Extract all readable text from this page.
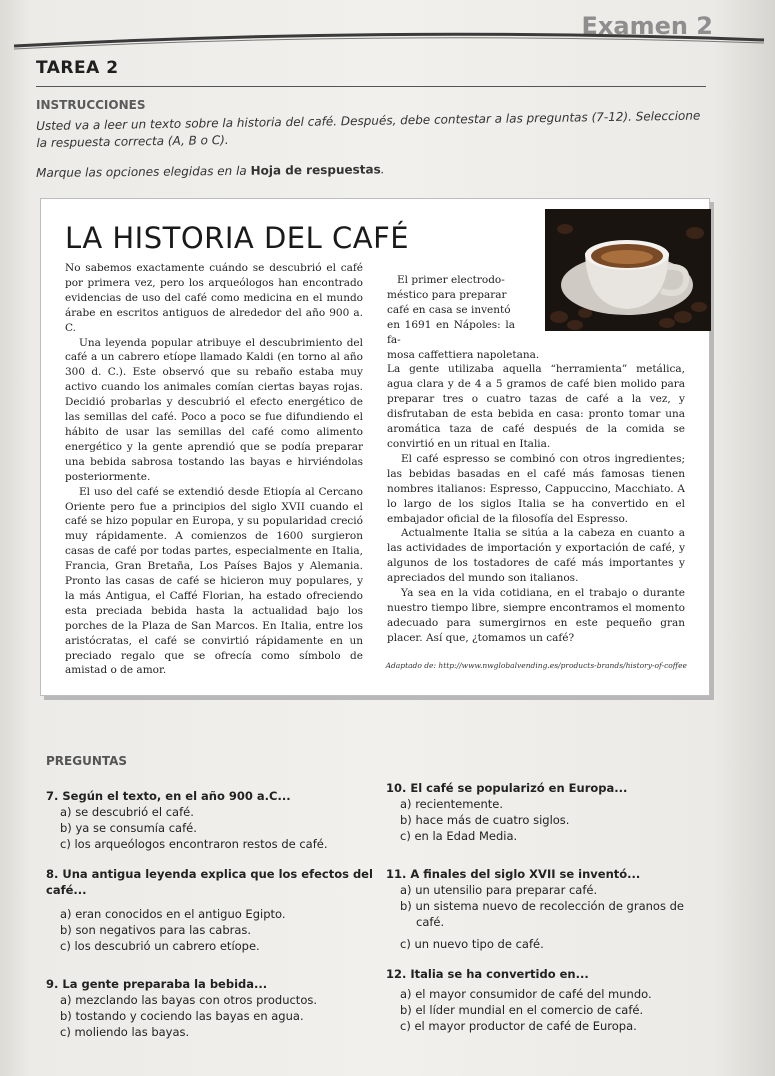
Examen 2
TAREA 2
INSTRUCCIONES
Usted va a leer un texto sobre la historia del café. Después, debe contestar a las preguntas (7-12). Seleccione la respuesta correcta (A, B o C).
Marque las opciones elegidas en la Hoja de respuestas.
LA HISTORIA DEL CAFÉ

No sabemos exactamente cuándo se descubrió el café por primera vez, pero los arqueólogos han encontrado evidencias de uso del café como medicina en el mundo árabe en escritos antiguos de alrededor del año 900 a. C.

Una leyenda popular atribuye el descubrimiento del café a un cabrero etíope llamado Kaldi (en torno al año 300 d. C.). Este observó que su rebaño estaba muy activo cuando los animales comían ciertas bayas rojas. Decidió probarlas y descubrió el efecto energético de las semillas del café. Poco a poco se fue difundiendo el hábito de usar las semillas del café como alimento energético y la gente aprendió que se podía preparar una bebida sabrosa tostando las bayas e hirviéndolas posteriormente.

El uso del café se extendió desde Etiopía al Cercano Oriente pero fue a principios del siglo XVII cuando el café se hizo popular en Europa, y su popularidad creció muy rápidamente. A comienzos de 1600 surgieron casas de café por todas partes, especialmente en Italia, Francia, Gran Bretaña, Los Países Bajos y Alemania. Pronto las casas de café se hicieron muy populares, y la más Antigua, el Caffé Florian, ha estado ofreciendo esta preciada bebida hasta la actualidad bajo los porches de la Plaza de San Marcos. En Italia, entre los aristócratas, el café se convirtió rápidamente en un preciado regalo que se ofrecía como símbolo de amistad o de amor.

El primer electrodo-
méstico para preparar
café en casa se inventó
en 1691 en Nápoles: la fa-
mosa caffettiera napoletana.

La gente utilizaba aquella “herramienta” metálica, agua clara y de 4 a 5 gramos de café bien molido para preparar tres o cuatro tazas de café a la vez, y disfrutaban de esta bebida en casa: pronto tomar una aromática taza de café después de la comida se convirtió en un ritual en Italia.

El café espresso se combinó con otros ingredientes; las bebidas basadas en el café más famosas tienen nombres italianos: Espresso, Cappuccino, Macchiato. A lo largo de los siglos Italia se ha convertido en el embajador oficial de la filosofía del Espresso.

Actualmente Italia se sitúa a la cabeza en cuanto a las actividades de importación y exportación de café, y algunos de los tostadores de café más importantes y apreciados del mundo son italianos.

Ya sea en la vida cotidiana, en el trabajo o durante nuestro tiempo libre, siempre encontramos el momento adecuado para sumergirnos en este pequeño gran placer. Así que, ¿tomamos un café?

Adaptado de: http://www.nwglobalvending.es/products-brands/history-of-coffee
PREGUNTAS
7. Según el texto, en el año 900 a.C...
a) se descubrió el café.
b) ya se consumía café.
c) los arqueólogos encontraron restos de café.
8. Una antigua leyenda explica que los efectos del
café...
a) eran conocidos en el antiguo Egipto.
b) son negativos para las cabras.
c) los descubrió un cabrero etíope.
9. La gente preparaba la bebida...
a) mezclando las bayas con otros productos.
b) tostando y cociendo las bayas en agua.
c) moliendo las bayas.
10. El café se popularizó en Europa...
a) recientemente.
b) hace más de cuatro siglos.
c) en la Edad Media.
11. A finales del siglo XVII se inventó...
a) un utensilio para preparar café.
b) un sistema nuevo de recolección de granos de
café.
c) un nuevo tipo de café.
12. Italia se ha convertido en...
a) el mayor consumidor de café del mundo.
b) el líder mundial en el comercio de café.
c) el mayor productor de café de Europa.
